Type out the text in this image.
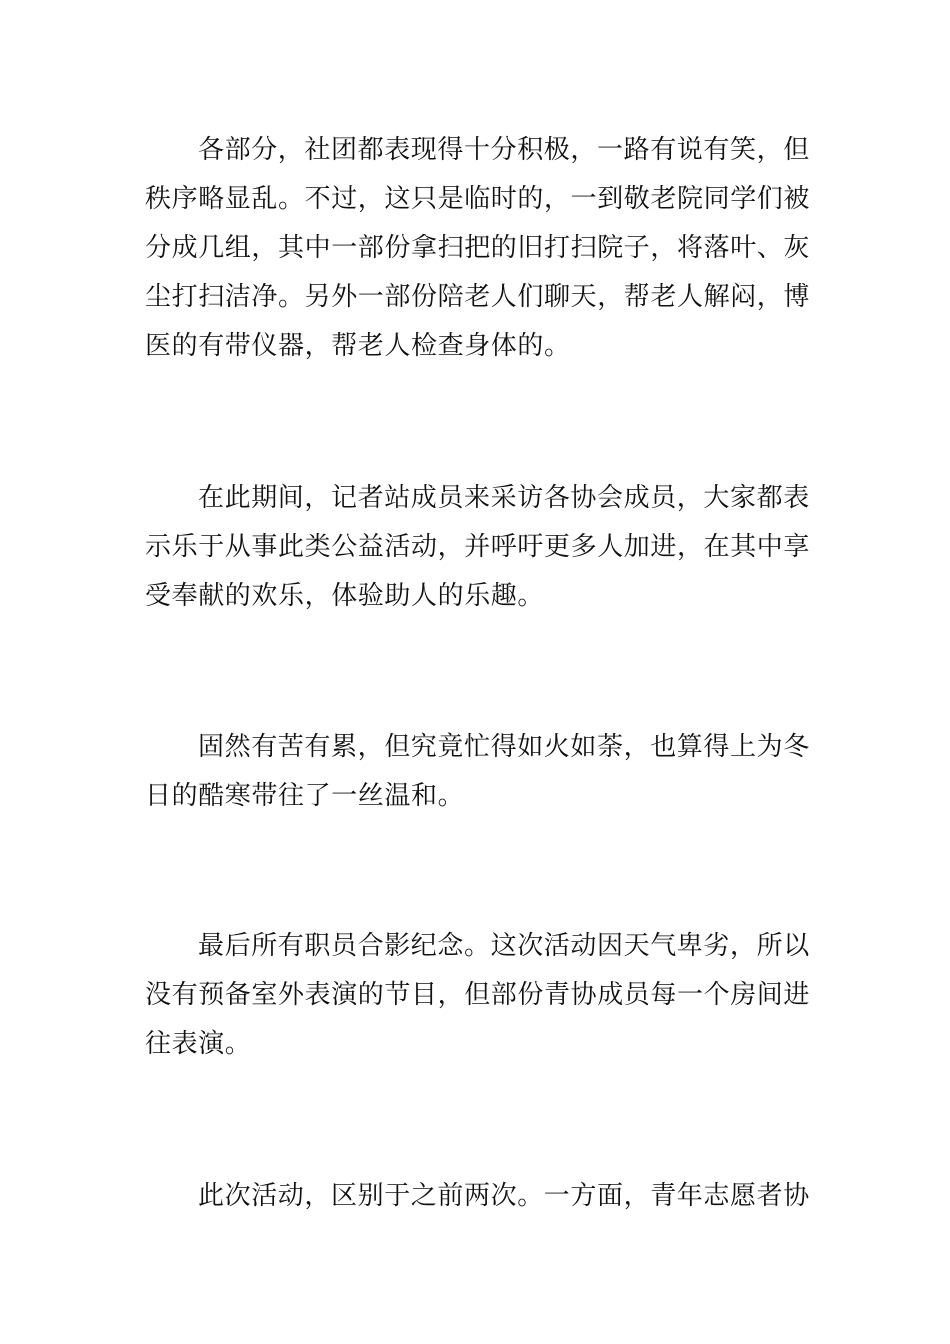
各部分，社团都表现得十分积极，一路有说有笑，但
秩序略显乱。不过，这只是临时的，一到敬老院同学们被
分成几组，其中一部份拿扫把的旧打扫院子，将落叶、灰
尘打扫洁净。另外一部份陪老人们聊天，帮老人解闷，博
医的有带仪器，帮老人检查身体的。

在此期间，记者站成员来采访各协会成员，大家都表
示乐于从事此类公益活动，并呼吁更多人加进，在其中享
受奉献的欢乐，体验助人的乐趣。

固然有苦有累，但究竟忙得如火如荼，也算得上为冬
日的酷寒带往了一丝温和。

最后所有职员合影纪念。这次活动因天气卑劣，所以
没有预备室外表演的节目，但部份青协成员每一个房间进
往表演。

此次活动，区别于之前两次。一方面，青年志愿者协
